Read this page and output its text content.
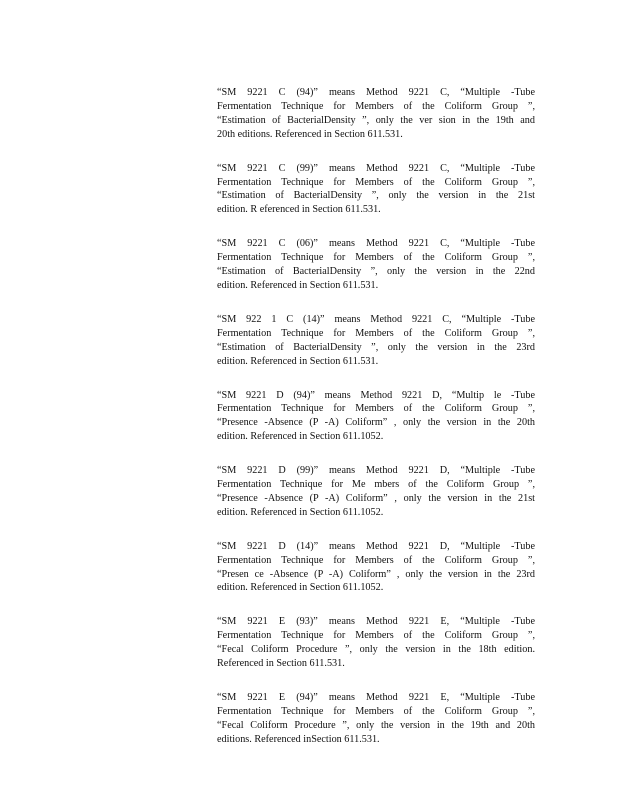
“SM 9221 C (94)” means Method 9221 C, “Multiple -Tube
Fermentation Technique for Members of the Coliform Group ”,
“Estimation of BacterialDensity ”, only the ver sion in the 19th and
20th editions. Referenced in Section 611.531.
“SM 9221 C (99)” means Method 9221 C, “Multiple -Tube
Fermentation Technique for Members of the Coliform Group ”,
“Estimation of BacterialDensity ”, only the version in the 21st
edition. R eferenced in Section 611.531.
“SM 9221 C (06)” means Method 9221 C, “Multiple -Tube
Fermentation Technique for Members of the Coliform Group ”,
“Estimation of BacterialDensity ”, only the version in the 22nd
edition. Referenced in Section 611.531.
“SM 922 1 C (14)” means Method 9221 C, “Multiple -Tube
Fermentation Technique for Members of the Coliform Group ”,
“Estimation of BacterialDensity ”, only the version in the 23rd
edition. Referenced in Section 611.531.
“SM 9221 D (94)” means Method 9221 D, “Multip le -Tube
Fermentation Technique for Members of the Coliform Group ”,
“Presence -Absence (P -A) Coliform” , only the version in the 20th
edition. Referenced in Section 611.1052.
“SM 9221 D (99)” means Method 9221 D, “Multiple -Tube
Fermentation Technique for Me mbers of the Coliform Group ”,
“Presence -Absence (P -A) Coliform” , only the version in the 21st
edition. Referenced in Section 611.1052.
“SM 9221 D (14)” means Method 9221 D, “Multiple -Tube
Fermentation Technique for Members of the Coliform Group ”,
“Presen ce -Absence (P -A) Coliform” , only the version in the 23rd
edition. Referenced in Section 611.1052.
“SM 9221 E (93)” means Method 9221 E, “Multiple -Tube
Fermentation Technique for Members of the Coliform Group ”,
“Fecal Coliform Procedure ”, only the version in the 18th edition.
Referenced in Section 611.531.
“SM 9221 E (94)” means Method 9221 E, “Multiple -Tube
Fermentation Technique for Members of the Coliform Group ”,
“Fecal Coliform Procedure ”, only the version in the 19th and 20th
editions. Referenced inSection 611.531.
